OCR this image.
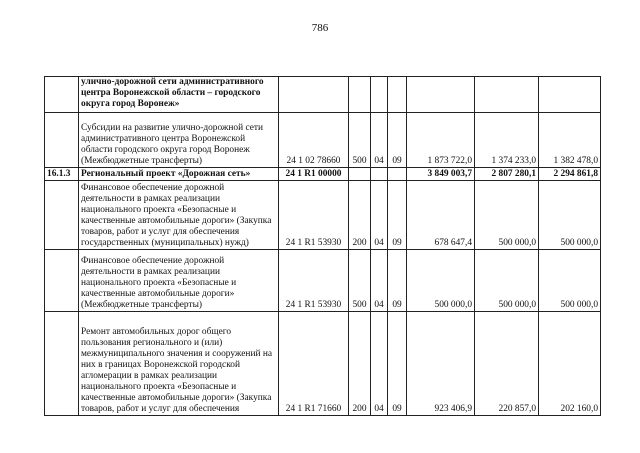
786
	улично-дорожной сети административного центра Воронежской области – городского округа город Воронеж»							
	Субсидии на развитие улично-дорожной сети административного центра Воронежской области городского округа город Воронеж (Межбюджетные трансферты)	24 1 02 78660	500	04	09	1 873 722,0	1 374 233,0	1 382 478,0
16.1.3	Региональный проект «Дорожная сеть»	24 1 R1 00000				3 849 003,7	2 807 280,1	2 294 861,8
	Финансовое обеспечение дорожной деятельности в рамках реализации национального проекта «Безопасные и качественные автомобильные дороги» (Закупка товаров, работ и услуг для обеспечения государственных (муниципальных) нужд)	24 1 R1 53930	200	04	09	678 647,4	500 000,0	500 000,0
	Финансовое обеспечение дорожной деятельности в рамках реализации национального проекта «Безопасные и качественные автомобильные дороги» (Межбюджетные трансферты)	24 1 R1 53930	500	04	09	500 000,0	500 000,0	500 000,0
	Ремонт автомобильных дорог общего пользования регионального и (или) межмуниципального значения и сооружений на них в границах Воронежской городской агломерации в рамках реализации национального проекта «Безопасные и качественные автомобильные дороги» (Закупка товаров, работ и услуг для обеспечения	24 1 R1 71660	200	04	09	923 406,9	220 857,0	202 160,0
